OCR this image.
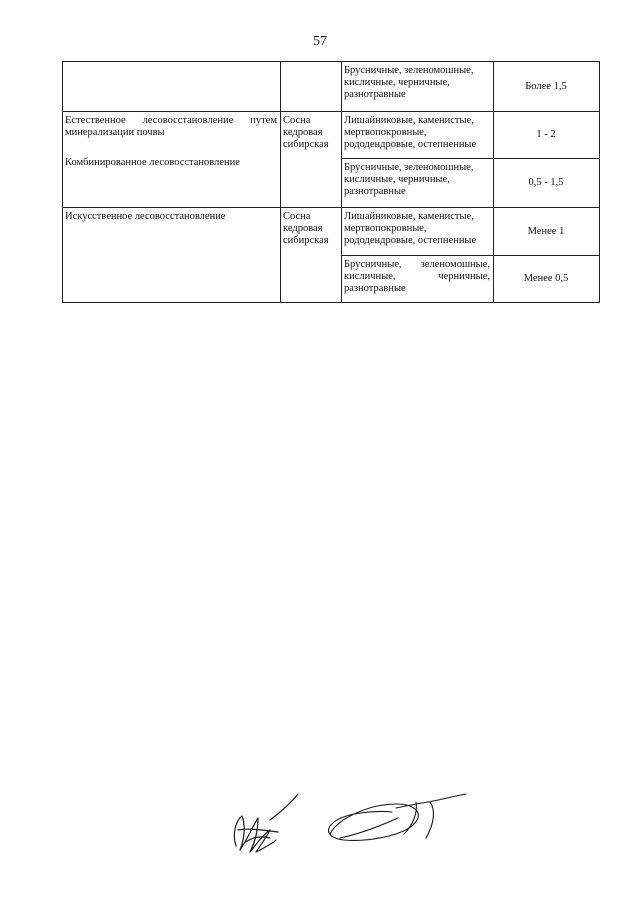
57
		Брусничные, зеленомошные, кисличные, черничные, разнотравные	Более 1,5

Естественное лесовосстановление путем минерализации почвы
Комбинированное лесовосстановление	Сосна кедровая сибирская	Лишайниковые, каменистые, мертвопокровные, рододендровые, остепненные	1 - 2
		Брусничные, зеленомошные, кисличные, черничные, разнотравные	0,5 - 1,5
Искусственное лесовосстановление	Сосна кедровая сибирская	Лишайниковые, каменистые, мертвопокровные, рододендровые, остепненные	Менее 1
		Брусничные, зеленомошные, кисличные, черничные, разнотравные	Менее 0,5
